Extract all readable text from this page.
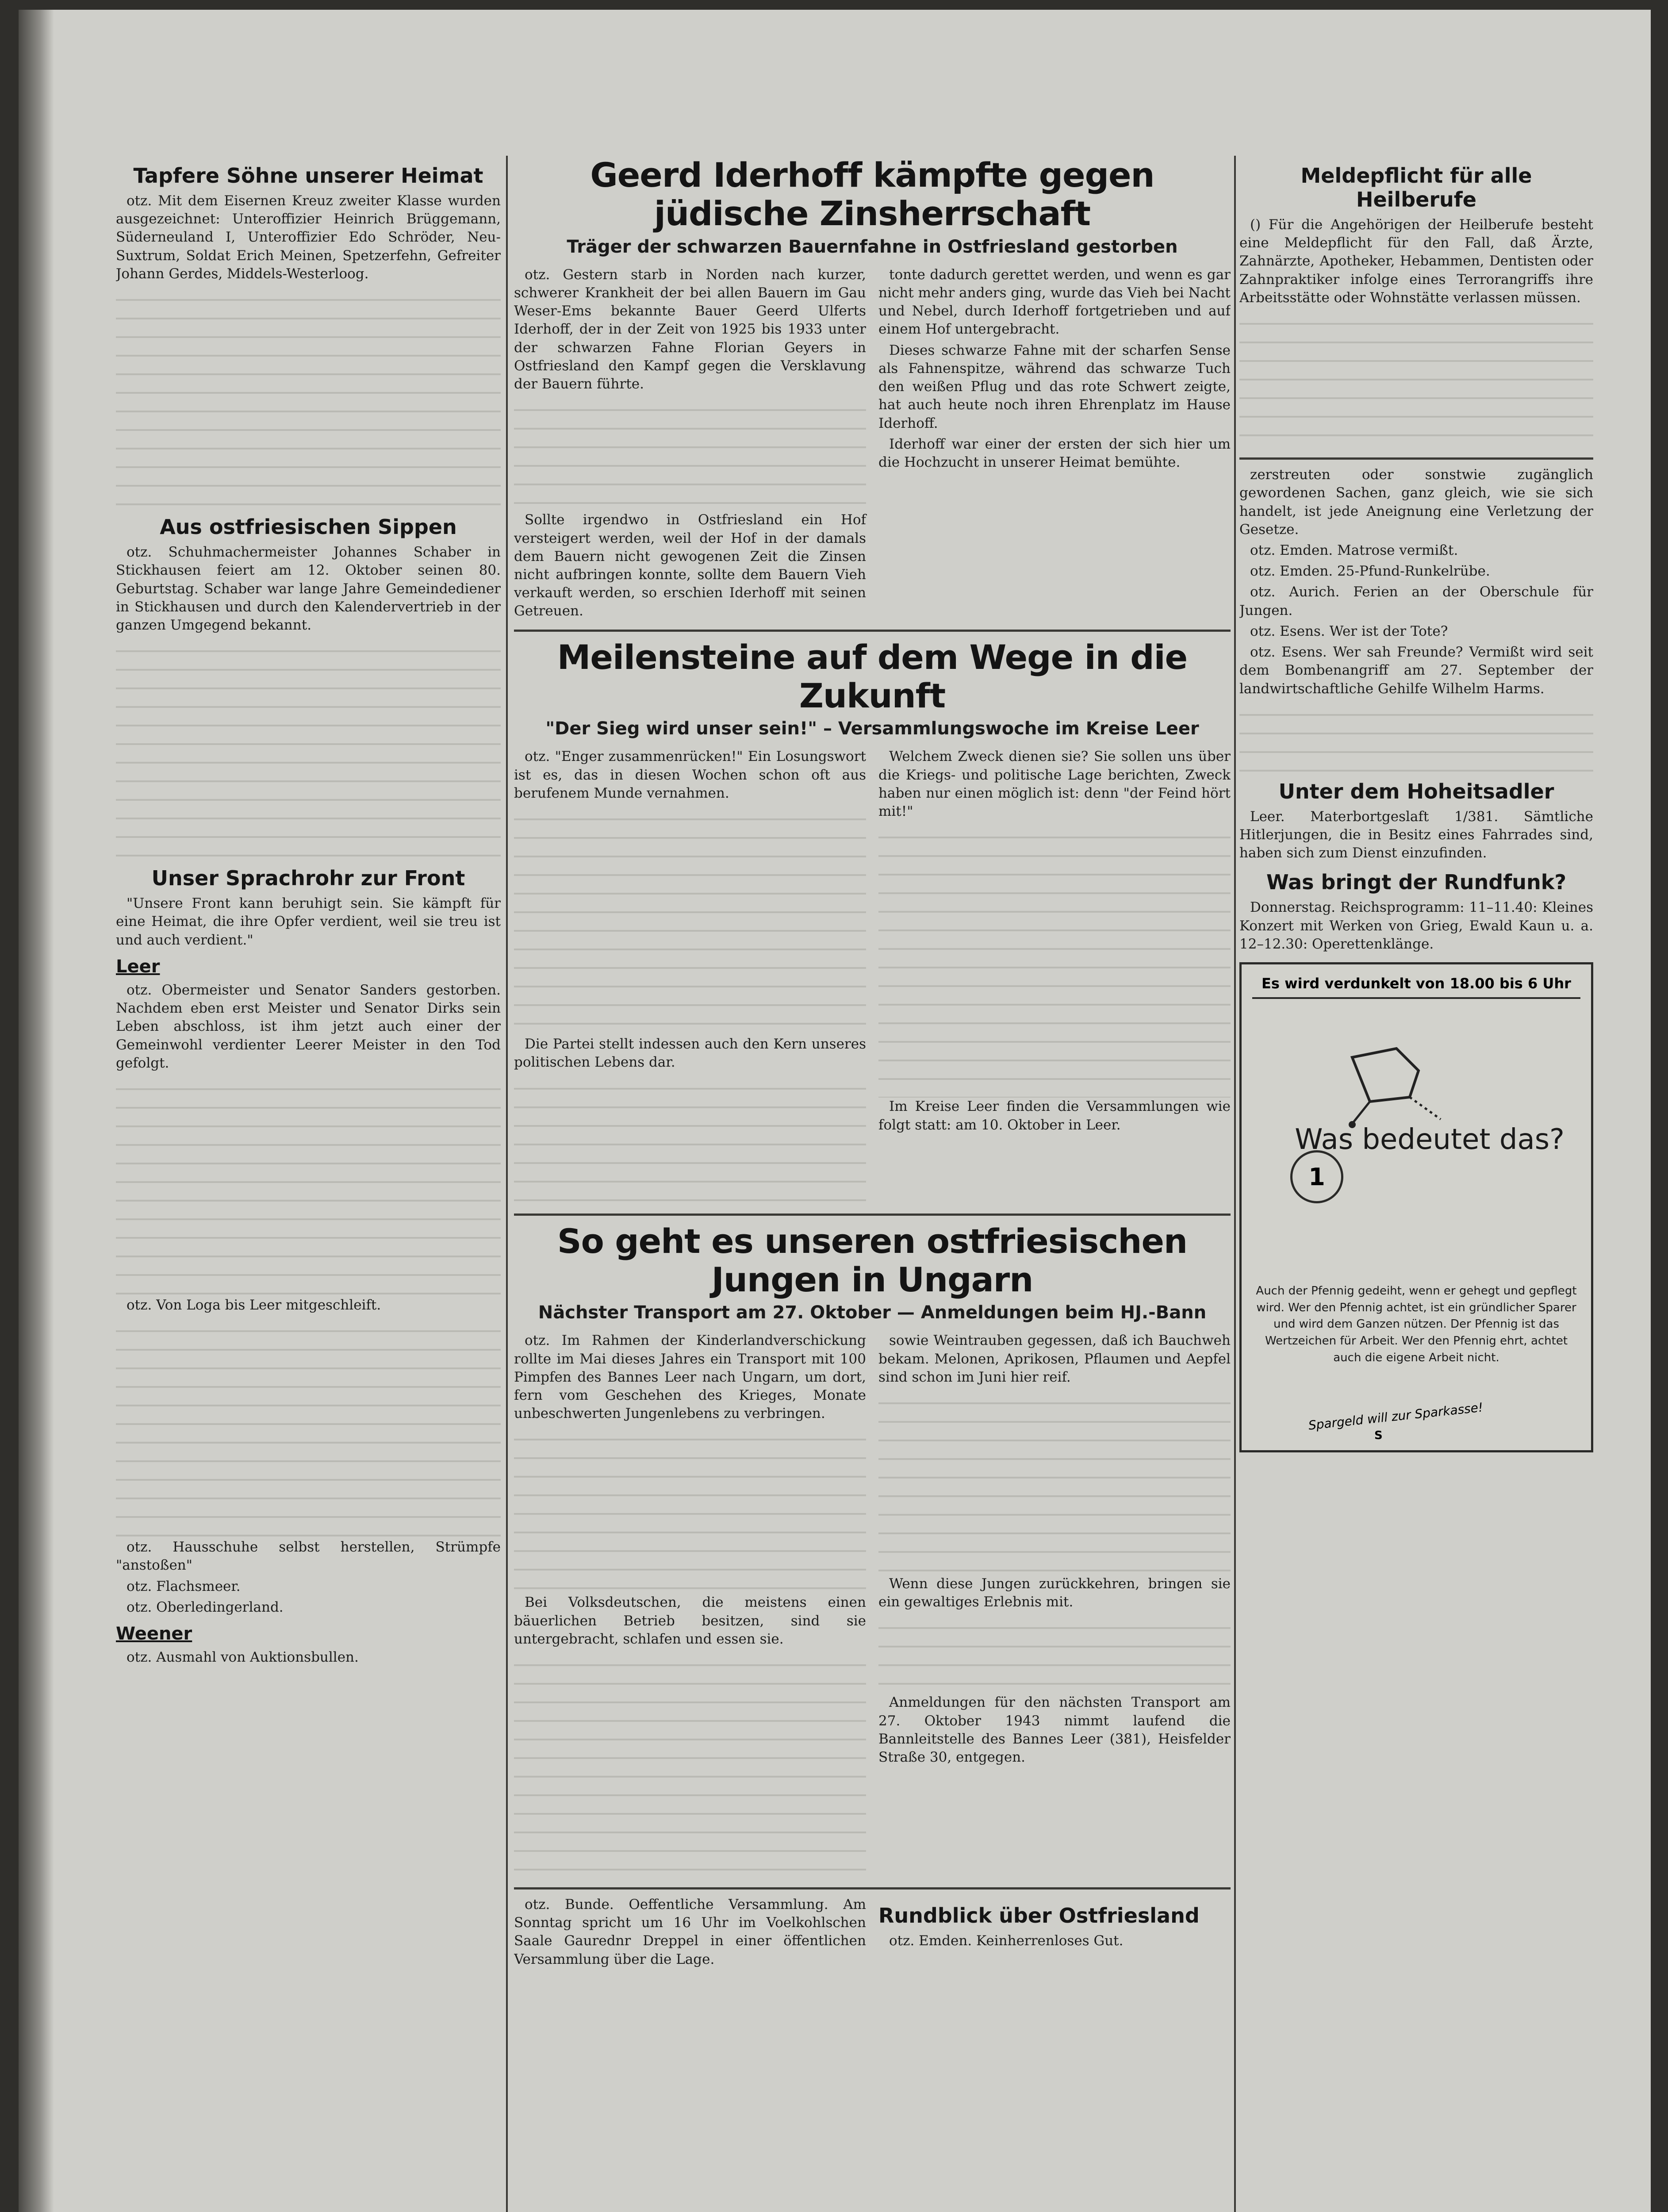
Tapfere Söhne unserer Heimat

otz. Mit dem Eisernen Kreuz zweiter Klasse wurden ausgezeichnet: Unteroffizier Heinrich Brüggemann, Süderneuland I, Unteroffizier Edo Schröder, Neu-Suxtrum, Soldat Erich Meinen, Spetzerfehn, Gefreiter Johann Gerdes, Middels-Westerloog.

Aus ostfriesischen Sippen

otz. Schuhmachermeister Johannes Schaber in Stickhausen feiert am 12. Oktober seinen 80. Geburtstag. Schaber war lange Jahre Gemeindediener in Stickhausen und durch den Kalendervertrieb in der ganzen Umgegend bekannt.

Unser Sprachrohr zur Front

"Unsere Front kann beruhigt sein. Sie kämpft für eine Heimat, die ihre Opfer verdient, weil sie treu ist und auch verdient."

Leer

otz. Obermeister und Senator Sanders gestorben. Nachdem eben erst Meister und Senator Dirks sein Leben abschloss, ist ihm jetzt auch einer der Gemeinwohl verdienter Leerer Meister in den Tod gefolgt.

otz. Von Loga bis Leer mitgeschleift.

otz. Hausschuhe selbst herstellen, Strümpfe "anstoßen"

otz. Flachsmeer.

otz. Oberledingerland.

Weener

otz. Ausmahl von Auktionsbullen.

Geerd Iderhoff kämpfte gegen jüdische Zinsherrschaft
Träger der schwarzen Bauernfahne in Ostfriesland gestorben

otz. Gestern starb in Norden nach kurzer, schwerer Krankheit der bei allen Bauern im Gau Weser-Ems bekannte Bauer Geerd Ulferts Iderhoff, der in der Zeit von 1925 bis 1933 unter der schwarzen Fahne Florian Geyers in Ostfriesland den Kampf gegen die Versklavung der Bauern führte.

Sollte irgendwo in Ostfriesland ein Hof versteigert werden, weil der Hof in der damals dem Bauern nicht gewogenen Zeit die Zinsen nicht aufbringen konnte, sollte dem Bauern Vieh verkauft werden, so erschien Iderhoff mit seinen Getreuen.

tonte dadurch gerettet werden, und wenn es gar nicht mehr anders ging, wurde das Vieh bei Nacht und Nebel, durch Iderhoff fortgetrieben und auf einem Hof untergebracht.

Dieses schwarze Fahne mit der scharfen Sense als Fahnenspitze, während das schwarze Tuch den weißen Pflug und das rote Schwert zeigte, hat auch heute noch ihren Ehrenplatz im Hause Iderhoff.

Iderhoff war einer der ersten der sich hier um die Hochzucht in unserer Heimat bemühte.

Meilensteine auf dem Wege in die Zukunft
"Der Sieg wird unser sein!" – Versammlungswoche im Kreise Leer

otz. "Enger zusammenrücken!" Ein Losungswort ist es, das in diesen Wochen schon oft aus berufenem Munde vernahmen.

Die Partei stellt indessen auch den Kern unseres politischen Lebens dar.

Welchem Zweck dienen sie? Sie sollen uns über die Kriegs- und politische Lage berichten, Zweck haben nur einen möglich ist: denn "der Feind hört mit!"

Im Kreise Leer finden die Versammlungen wie folgt statt: am 10. Oktober in Leer.

So geht es unseren ostfriesischen Jungen in Ungarn
Nächster Transport am 27. Oktober — Anmeldungen beim HJ.-Bann

otz. Im Rahmen der Kinderlandverschickung rollte im Mai dieses Jahres ein Transport mit 100 Pimpfen des Bannes Leer nach Ungarn, um dort, fern vom Geschehen des Krieges, Monate unbeschwerten Jungenlebens zu verbringen.

Bei Volksdeutschen, die meistens einen bäuerlichen Betrieb besitzen, sind sie untergebracht, schlafen und essen sie.

sowie Weintrauben gegessen, daß ich Bauchweh bekam. Melonen, Aprikosen, Pflaumen und Aepfel sind schon im Juni hier reif.

Wenn diese Jungen zurückkehren, bringen sie ein gewaltiges Erlebnis mit.

Anmeldungen für den nächsten Transport am 27. Oktober 1943 nimmt laufend die Bannleitstelle des Bannes Leer (381), Heisfelder Straße 30, entgegen.

otz. Bunde. Oeffentliche Versammlung. Am Sonntag spricht um 16 Uhr im Voelkohlschen Saale Gaurednr Dreppel in einer öffentlichen Versammlung über die Lage.

Rundblick über Ostfriesland

otz. Emden. Keinherrenloses Gut.

Meldepflicht für alle Heilberufe

() Für die Angehörigen der Heilberufe besteht eine Meldepflicht für den Fall, daß Ärzte, Zahnärzte, Apotheker, Hebammen, Dentisten oder Zahnpraktiker infolge eines Terrorangriffs ihre Arbeitsstätte oder Wohnstätte verlassen müssen.

zerstreuten oder sonstwie zugänglich gewordenen Sachen, ganz gleich, wie sie sich handelt, ist jede Aneignung eine Verletzung der Gesetze.

otz. Emden. Matrose vermißt.

otz. Emden. 25-Pfund-Runkelrübe.

otz. Aurich. Ferien an der Oberschule für Jungen.

otz. Esens. Wer ist der Tote?

otz. Esens. Wer sah Freunde? Vermißt wird seit dem Bombenangriff am 27. September der landwirtschaftliche Gehilfe Wilhelm Harms.

Unter dem Hoheitsadler

Leer. Materbortgeslaft 1/381. Sämtliche Hitlerjungen, die in Besitz eines Fahrrades sind, haben sich zum Dienst einzufinden.

Was bringt der Rundfunk?

Donnerstag. Reichsprogramm: 11–11.40: Kleines Konzert mit Werken von Grieg, Ewald Kaun u. a. 12–12.30: Operettenklänge.

Es wird verdunkelt von 18.00 bis 6 Uhr
1
Was bedeutet das?
Auch der Pfennig gedeiht, wenn er gehegt und gepflegt wird. Wer den Pfennig achtet, ist ein gründlicher Sparer und wird dem Ganzen nützen. Der Pfennig ist das Wertzeichen für Arbeit. Wer den Pfennig ehrt, achtet auch die eigene Arbeit nicht.
Spargeld will zur Sparkasse!
S
